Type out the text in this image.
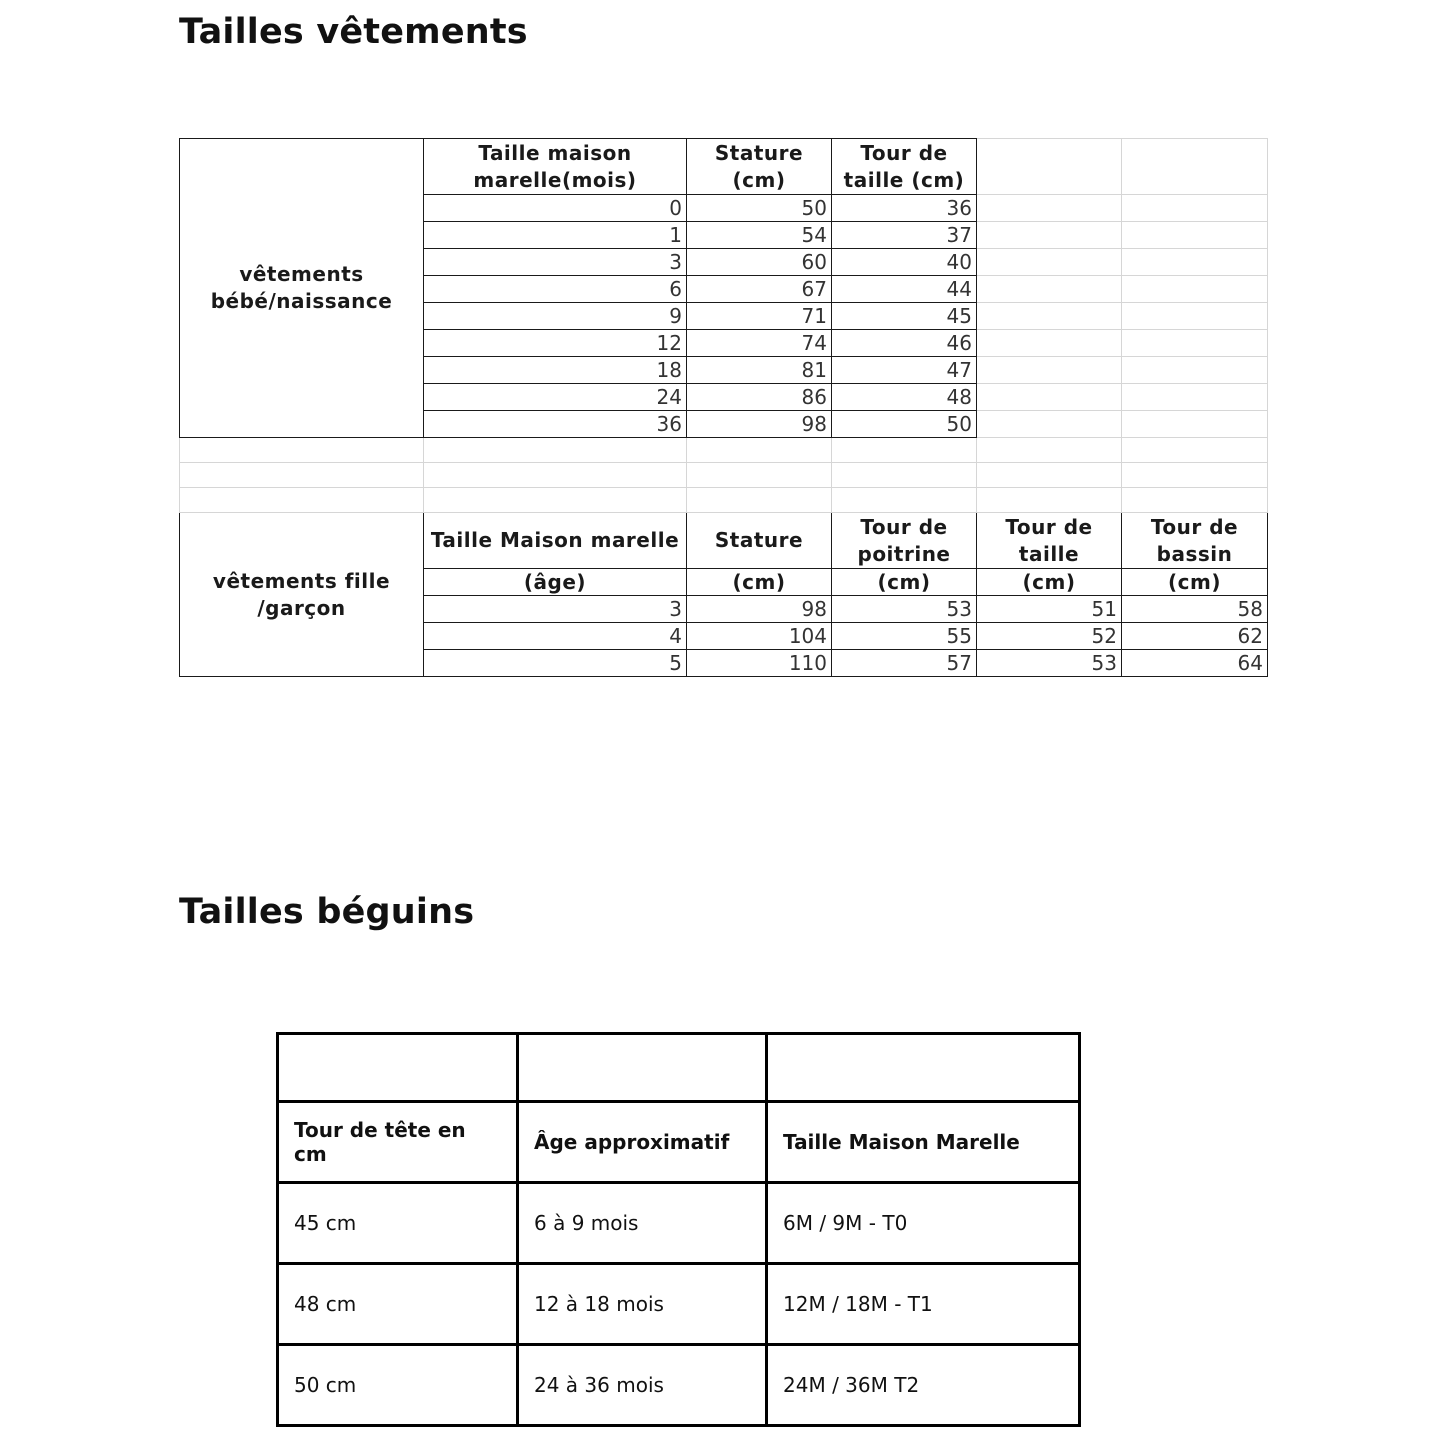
Tailles vêtements
vêtements bébé/naissance	Taille maison marelle(mois)	Stature (cm)	Tour de taille (cm)		
	0	50	36		
	1	54	37		
	3	60	40		
	6	67	44		
	9	71	45		
	12	74	46		
	18	81	47		
	24	86	48		
	36	98	50		

vêtements fille /garçon	Taille Maison marelle	Stature	Tour de poitrine	Tour de taille	Tour de bassin
	(âge)	(cm)	(cm)	(cm)	(cm)
	3	98	53	51	58
	4	104	55	52	62
	5	110	57	53	64
Tailles béguins

Tour de tête en cm	Âge approximatif	Taille Maison Marelle
45 cm	6 à 9 mois	6M / 9M - T0
48 cm	12 à 18 mois	12M / 18M - T1
50 cm	24 à 36 mois	24M / 36M T2
